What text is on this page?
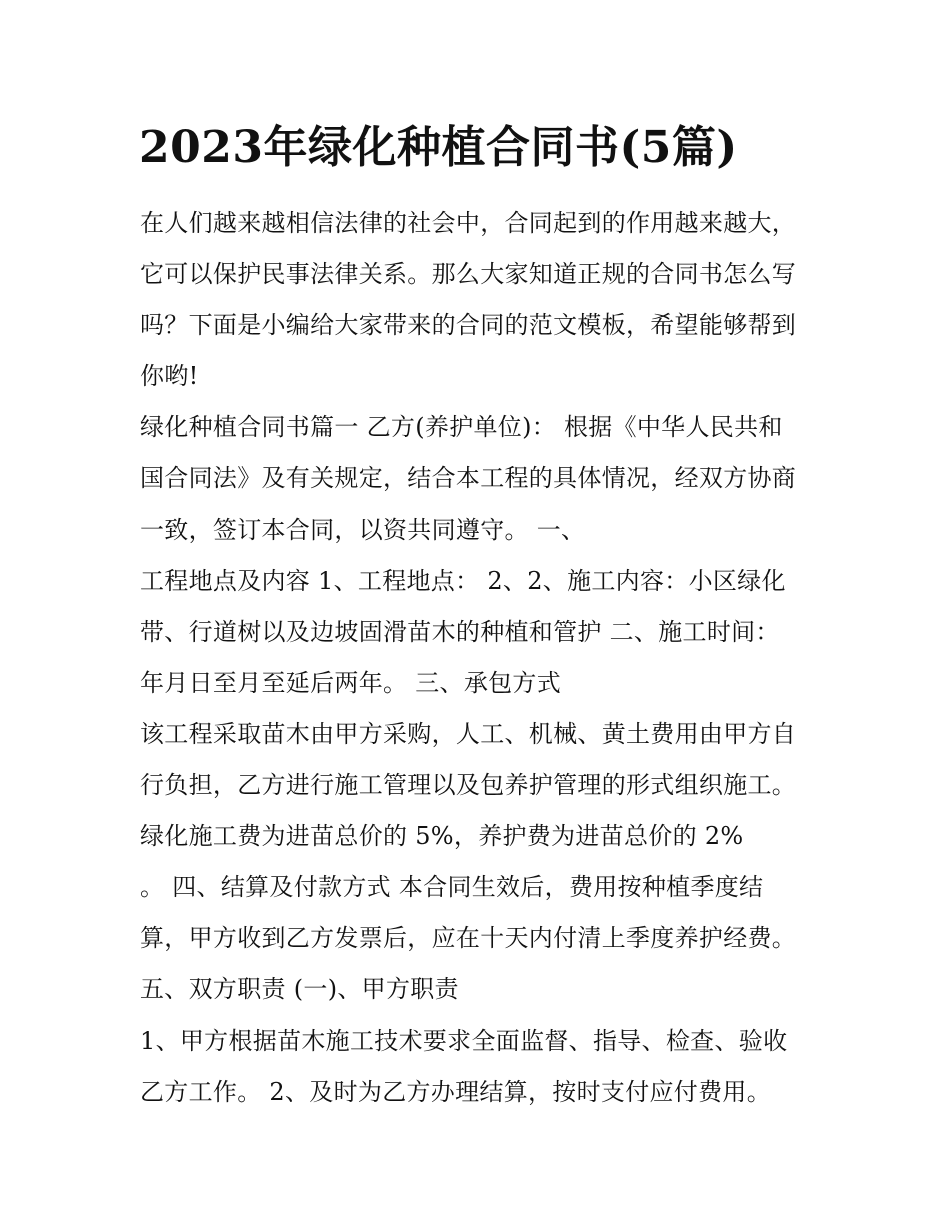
2023年绿化种植合同书(5篇)
在人们越来越相信法律的社会中，合同起到的作用越来越大，
它可以保护民事法律关系。那么大家知道正规的合同书怎么写
吗？下面是小编给大家带来的合同的范文模板，希望能够帮到
你哟!
绿化种植合同书篇一 乙方(养护单位)： 根据《中华人民共和
国合同法》及有关规定，结合本工程的具体情况，经双方协商
一致，签订本合同，以资共同遵守。 一、
工程地点及内容 1、工程地点： 2、2、施工内容：小区绿化
带、行道树以及边坡固滑苗木的种植和管护 二、施工时间：
年月日至月至延后两年。 三、承包方式
该工程采取苗木由甲方采购，人工、机械、黄土费用由甲方自
行负担，乙方进行施工管理以及包养护管理的形式组织施工。
绿化施工费为进苗总价的 5%，养护费为进苗总价的 2%
。 四、结算及付款方式 本合同生效后，费用按种植季度结
算，甲方收到乙方发票后，应在十天内付清上季度养护经费。
五、双方职责 (一)、甲方职责
1、甲方根据苗木施工技术要求全面监督、指导、检查、验收
乙方工作。 2、及时为乙方办理结算，按时支付应付费用。
